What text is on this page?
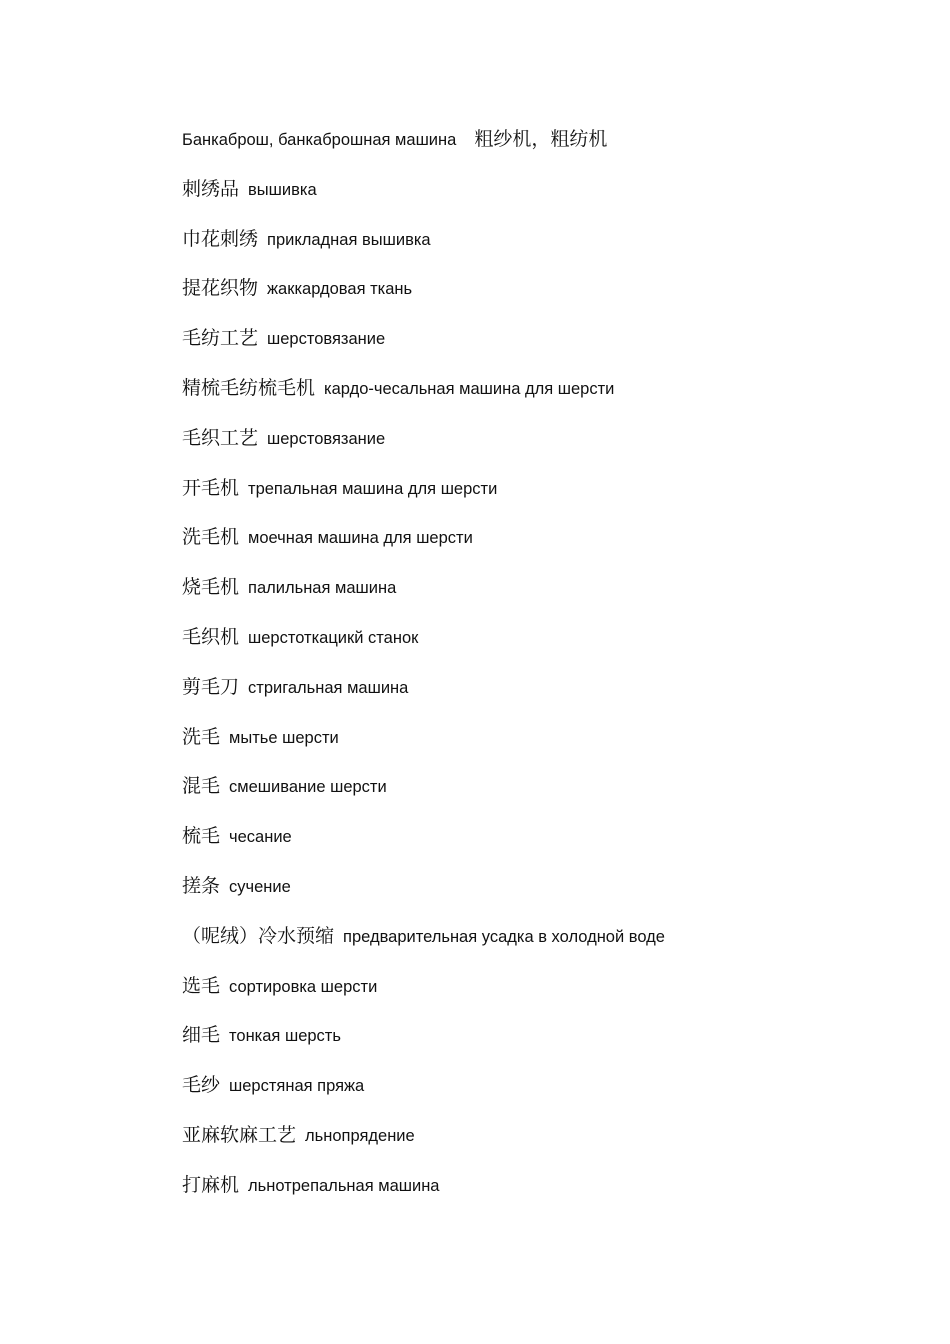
Банкаброш, банкаброшная машина 粗纱机，粗纺机
刺绣品 вышивка
巾花刺绣 прикладная вышивка
提花织物 жаккардовая ткань
毛纺工艺 шерстовязание
精梳毛纺梳毛机 кардо-чесальная машина для шерсти
毛织工艺 шерстовязание
开毛机 трепальная машина для шерсти
洗毛机 моечная машина для шерсти
烧毛机 палильная машина
毛织机 шерстоткацикй станок
剪毛刀 стригальная машина
洗毛 мытье шерсти
混毛 смешивание шерсти
梳毛 чесание
搓条 сучение
（呢绒）冷水预缩 предварительная усадка в холодной воде
选毛 сортировка шерсти
细毛 тонкая шерсть
毛纱 шерстяная пряжа
亚麻软麻工艺 льнопрядение
打麻机 льнотрепальная машина
